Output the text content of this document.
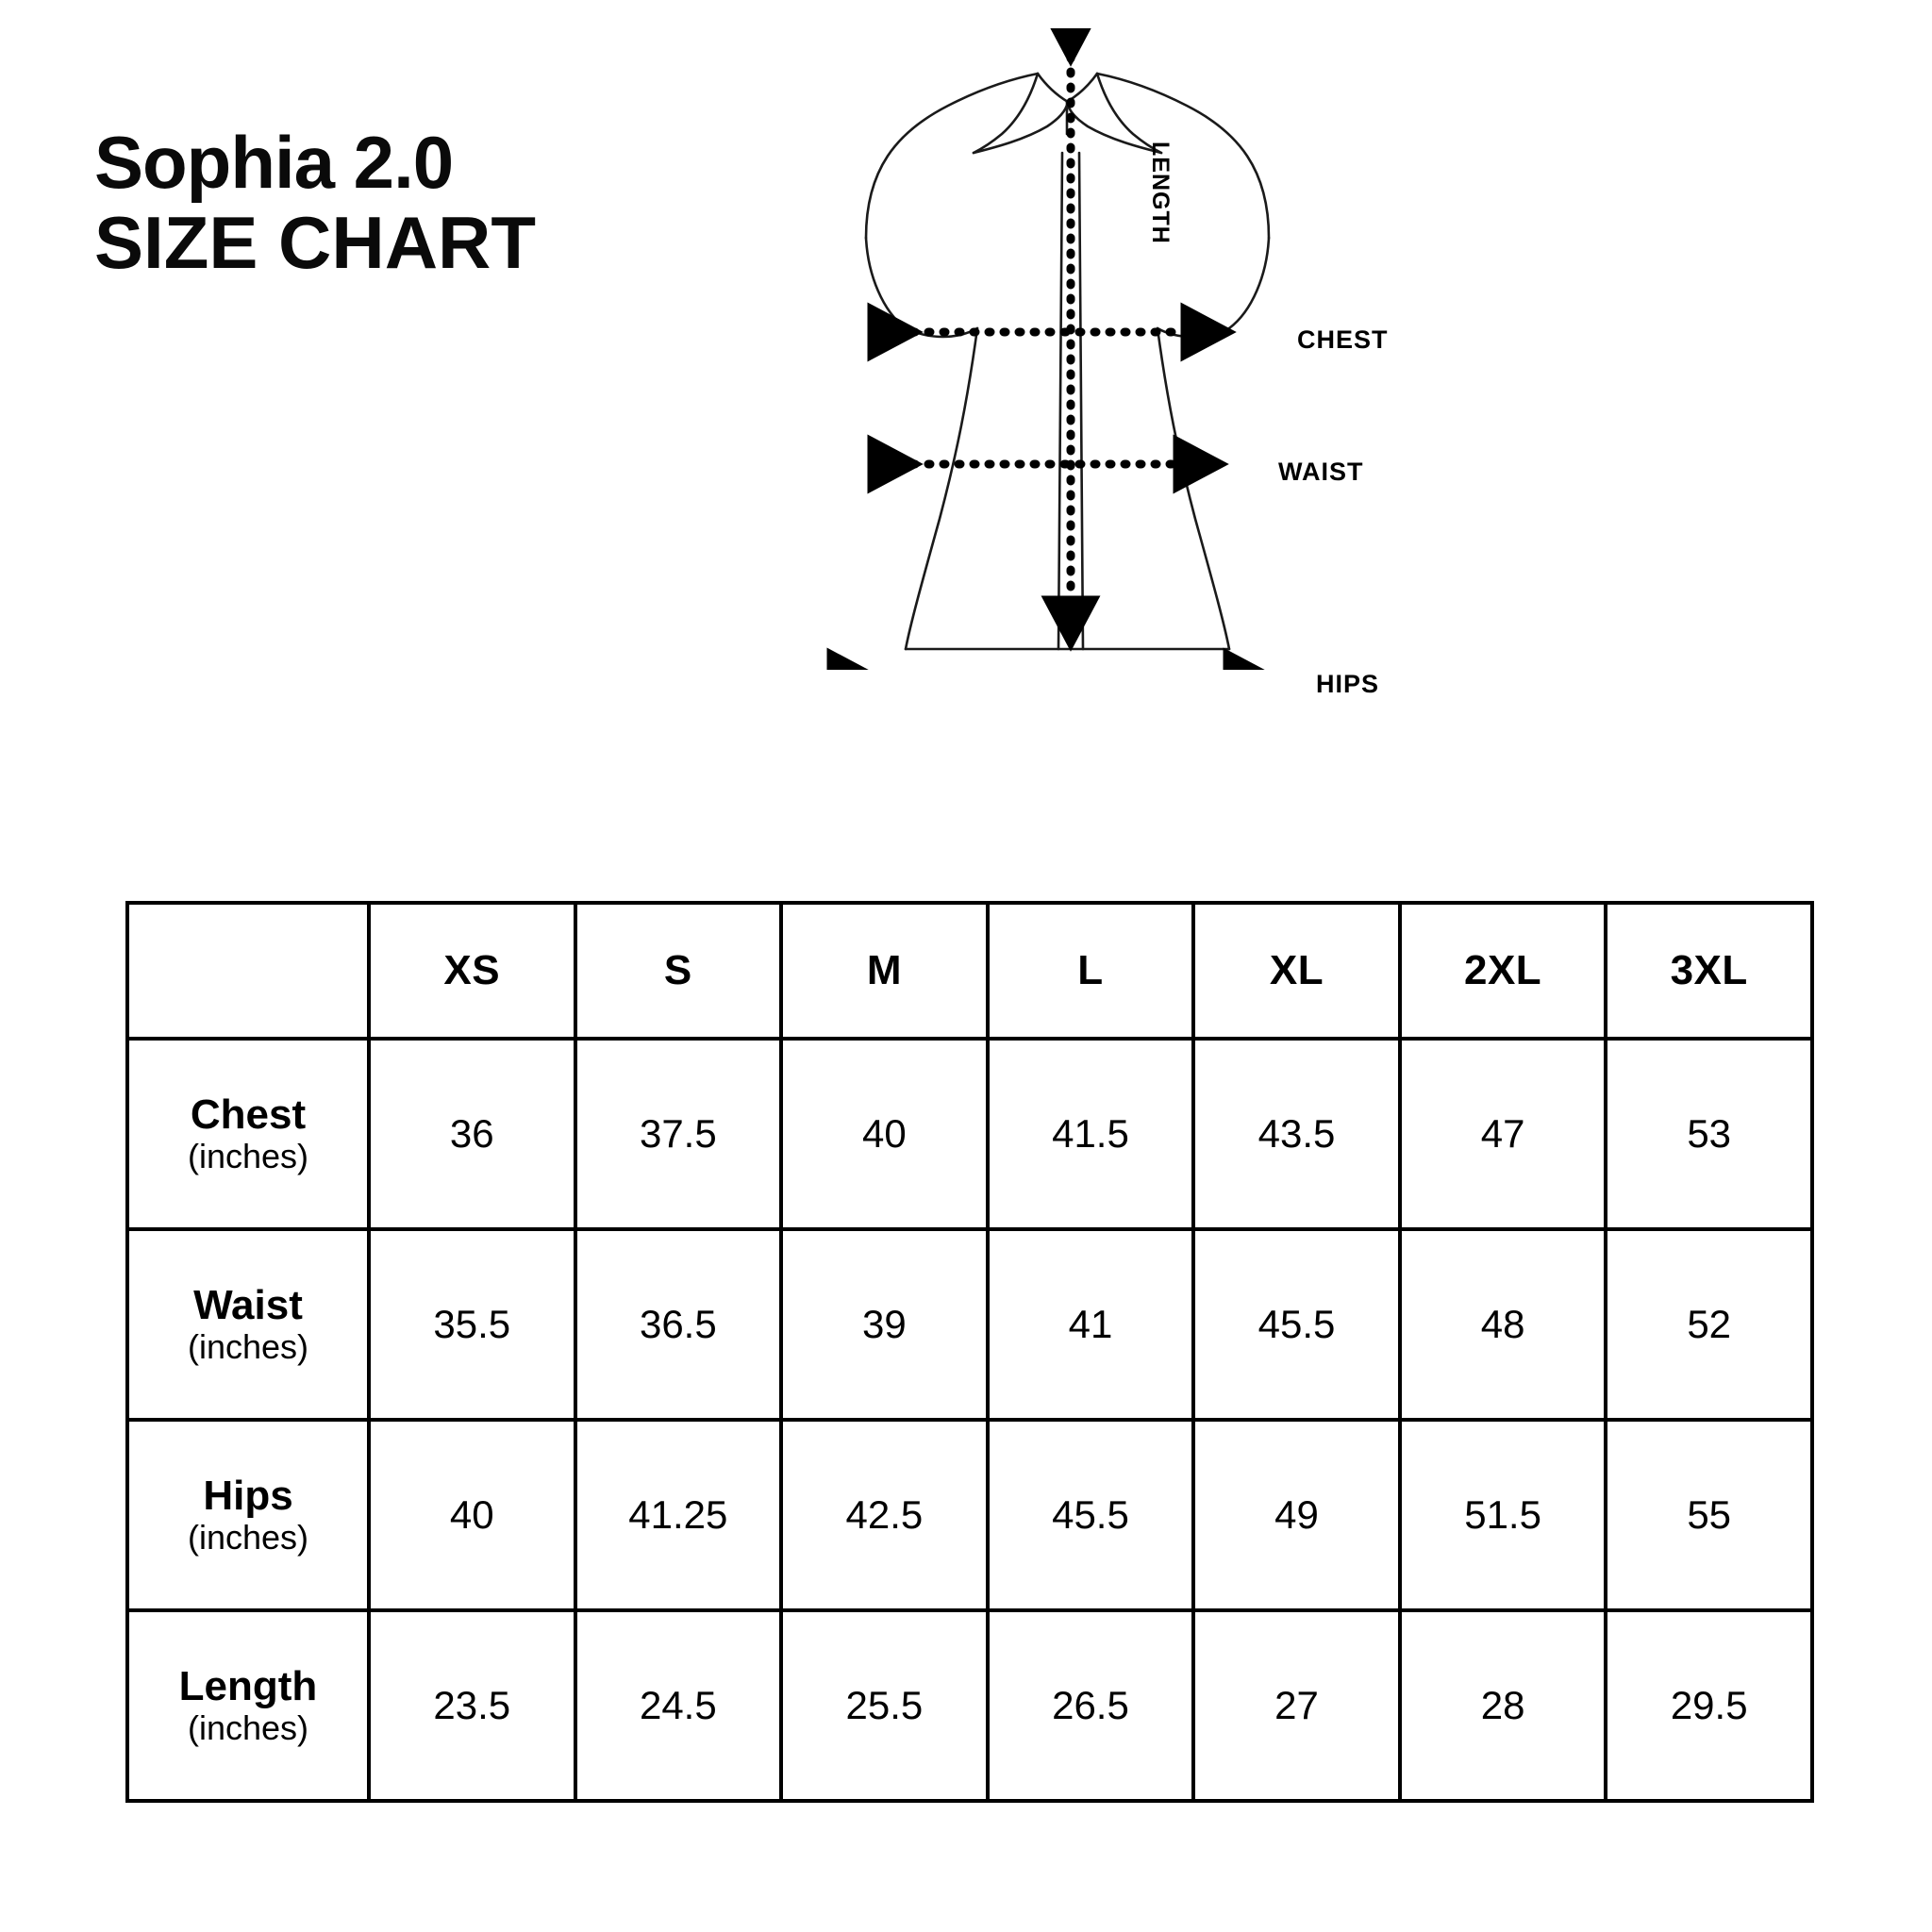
Sophia 2.0
SIZE CHART	LENGTH
CHEST
WAIST
HIPS
	XS	S	M	L	XL	2XL	3XL

Chest
(inches)	36	37.5	40	41.5	43.5	47	53

Waist
(inches)	35.5	36.5	39	41	45.5	48	52

Hips
(inches)	40	41.25	42.5	45.5	49	51.5	55

Length
(inches)	23.5	24.5	25.5	26.5	27	28	29.5
